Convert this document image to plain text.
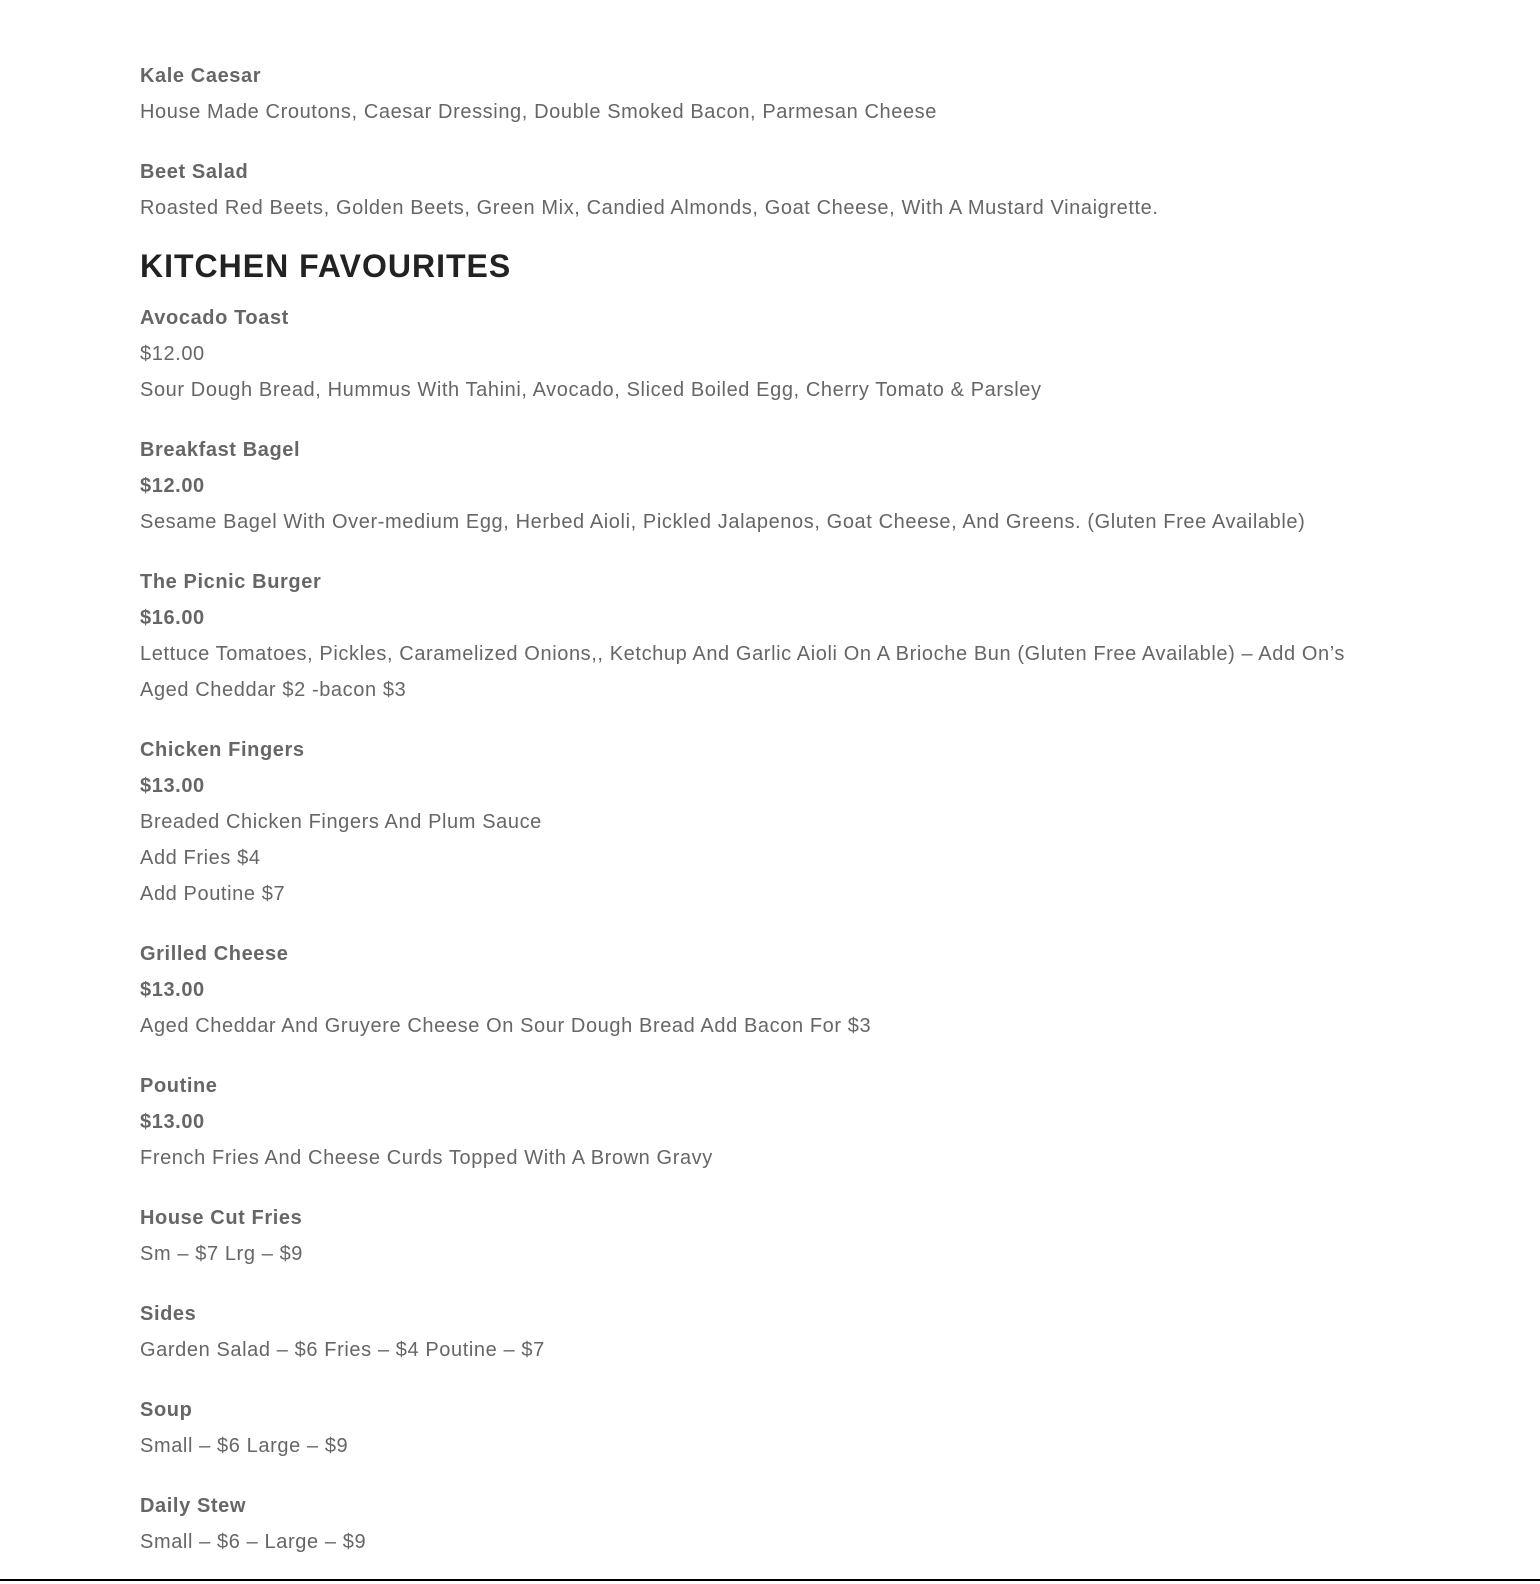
Kale Caesar
House Made Croutons, Caesar Dressing, Double Smoked Bacon, Parmesan Cheese
Beet Salad
Roasted Red Beets, Golden Beets, Green Mix, Candied Almonds, Goat Cheese, With A Mustard Vinaigrette.
KITCHEN FAVOURITES
Avocado Toast
$12.00
Sour Dough Bread, Hummus With Tahini, Avocado, Sliced Boiled Egg, Cherry Tomato & Parsley
Breakfast Bagel
$12.00
Sesame Bagel With Over-medium Egg, Herbed Aioli, Pickled Jalapenos, Goat Cheese, And Greens. (Gluten Free Available)
The Picnic Burger
$16.00
Lettuce Tomatoes, Pickles, Caramelized Onions,, Ketchup And Garlic Aioli On A Brioche Bun (Gluten Free Available) – Add On’s
Aged Cheddar $2 -bacon $3
Chicken Fingers
$13.00
Breaded Chicken Fingers And Plum Sauce
Add Fries $4
Add Poutine $7
Grilled Cheese
$13.00
Aged Cheddar And Gruyere Cheese On Sour Dough Bread Add Bacon For $3
Poutine
$13.00
French Fries And Cheese Curds Topped With A Brown Gravy
House Cut Fries
Sm – $7 Lrg – $9
Sides
Garden Salad – $6 Fries – $4 Poutine – $7
Soup
Small – $6 Large – $9
Daily Stew
Small – $6 – Large – $9
